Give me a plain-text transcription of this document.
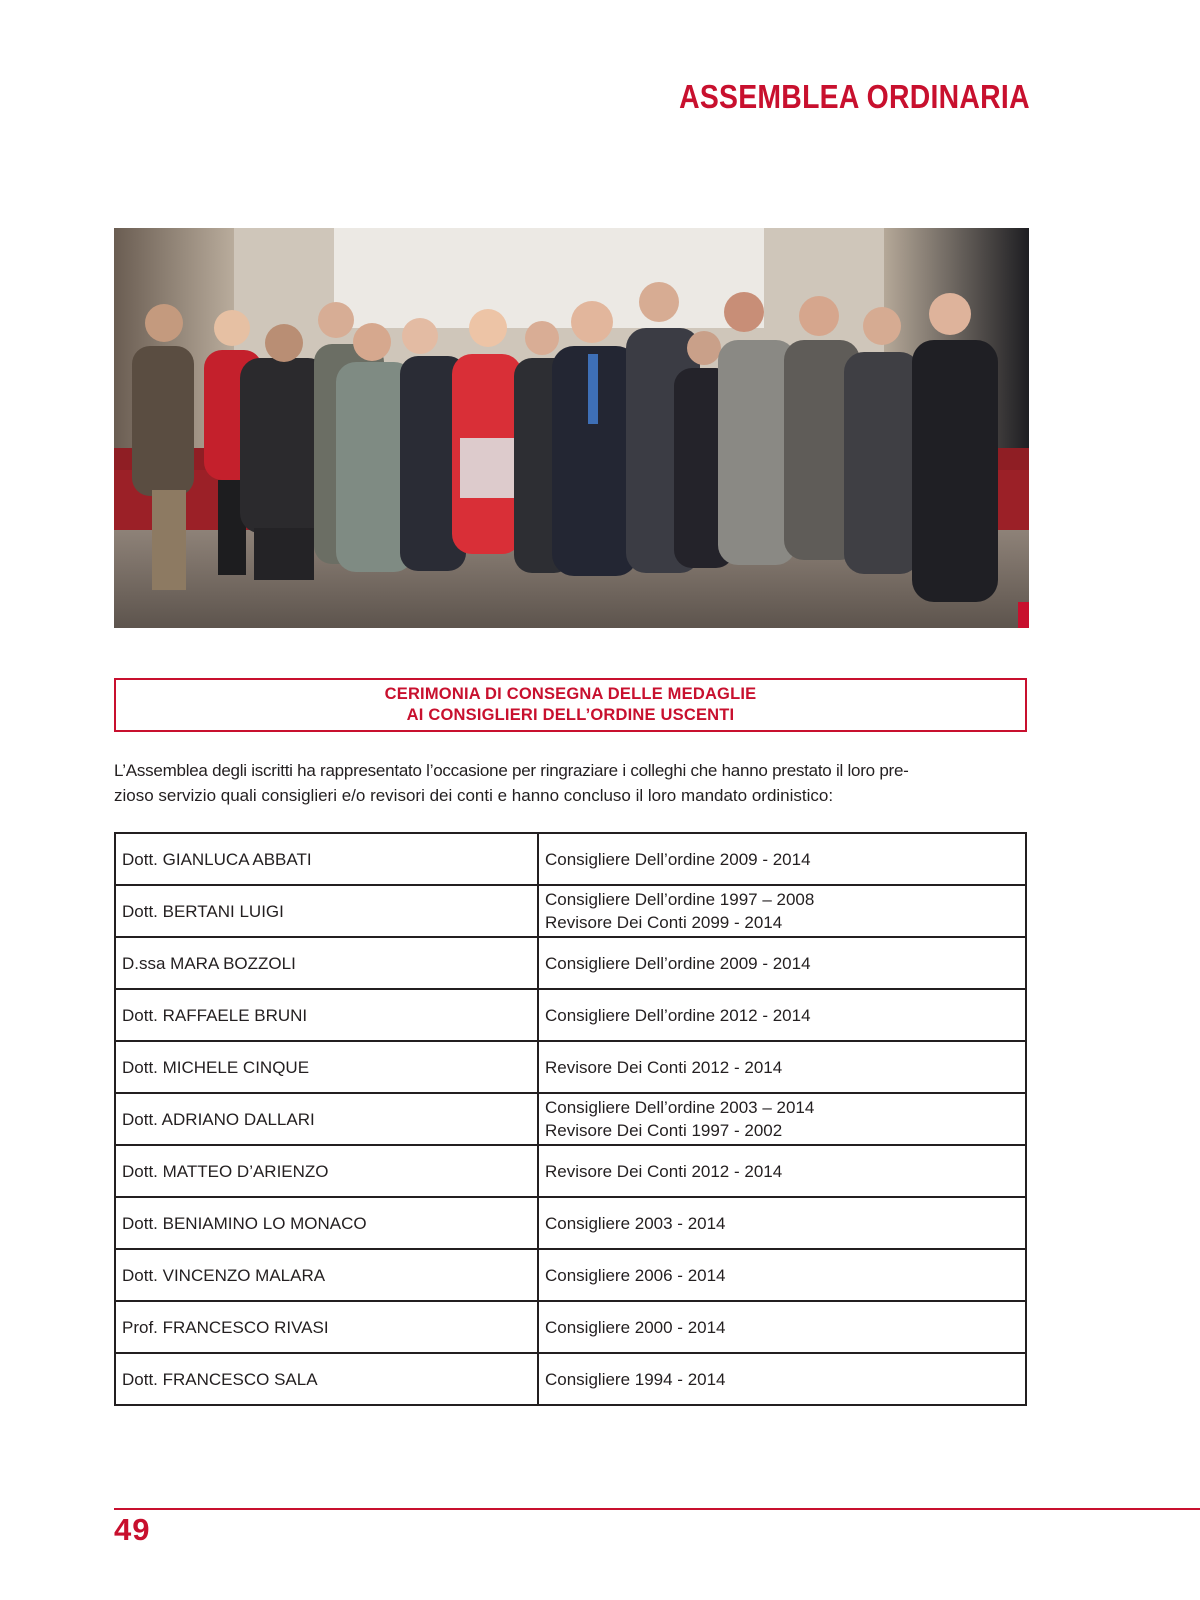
ASSEMBLEA ORDINARIA
CERIMONIA DI CONSEGNA DELLE MEDAGLIE
AI CONSIGLIERI DELL’ORDINE USCENTI
L’Assemblea degli iscritti ha rappresentato l’occasione per ringraziare i colleghi che hanno prestato il loro pre-
zioso servizio quali consiglieri e/o revisori dei conti e hanno concluso il loro mandato ordinistico:
Dott. GIANLUCA ABBATI	Consigliere Dell’ordine 2009 - 2014

Dott. BERTANI LUIGI	Consigliere Dell’ordine 1997 – 2008
Revisore Dei Conti 2099 - 2014

D.ssa MARA BOZZOLI	Consigliere Dell’ordine 2009 - 2014

Dott. RAFFAELE BRUNI	Consigliere Dell’ordine 2012 - 2014

Dott. MICHELE CINQUE	Revisore Dei Conti 2012 - 2014

Dott. ADRIANO DALLARI	Consigliere Dell’ordine 2003 – 2014
Revisore Dei Conti 1997 - 2002

Dott. MATTEO D’ARIENZO	Revisore Dei Conti 2012 - 2014

Dott. BENIAMINO LO MONACO	Consigliere 2003 - 2014

Dott. VINCENZO MALARA	Consigliere 2006 - 2014

Prof. FRANCESCO RIVASI	Consigliere 2000 - 2014

Dott. FRANCESCO SALA	Consigliere 1994 - 2014
49
